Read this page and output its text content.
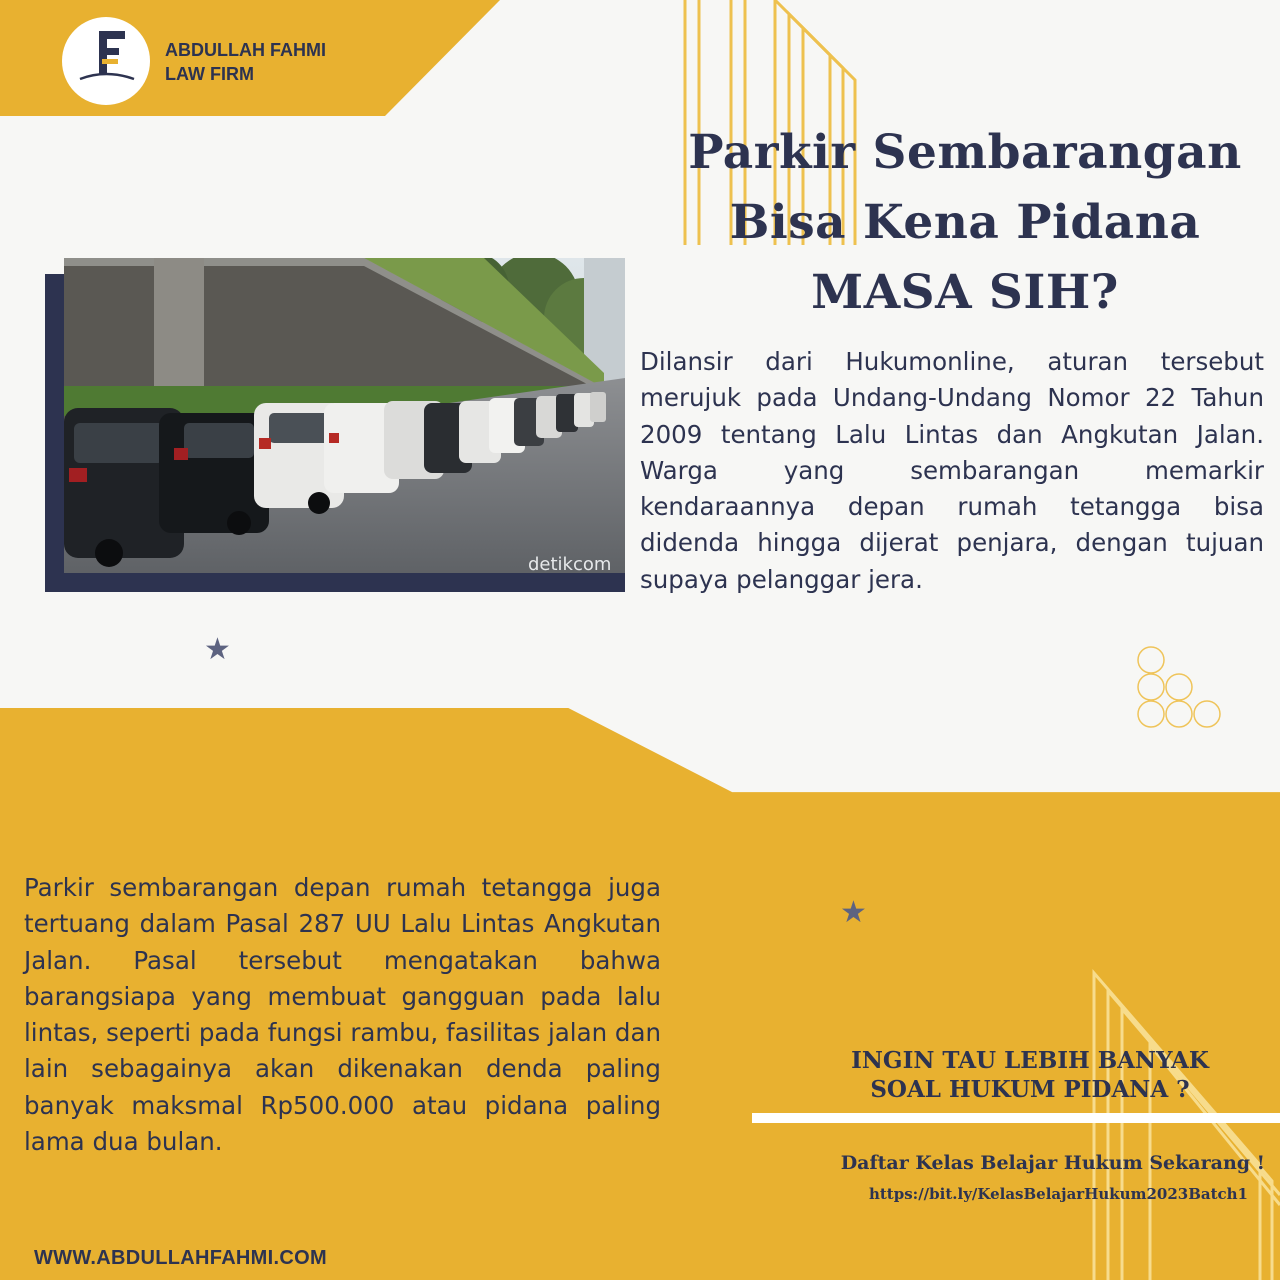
ABDULLAH FAHMI
LAW FIRM
Parkir Sembarangan
Bisa Kena Pidana
MASA SIH?
detikcom
Dilansir dari Hukumonline, aturan tersebut merujuk pada Undang-Undang Nomor 22 Tahun 2009 tentang Lalu Lintas dan Angkutan Jalan. Warga yang sembarangan memarkir kendaraannya depan rumah tetangga bisa didenda hingga dijerat penjara, dengan tujuan supaya pelanggar jera.
★
Parkir sembarangan depan rumah tetangga juga tertuang dalam Pasal 287 UU Lalu Lintas Angkutan Jalan. Pasal tersebut mengatakan bahwa barangsiapa yang membuat gangguan pada lalu lintas, seperti pada fungsi rambu, fasilitas jalan dan lain sebagainya akan dikenakan denda paling banyak maksmal Rp500.000 atau pidana paling lama dua bulan.
★
INGIN TAU LEBIH BANYAK
SOAL HUKUM PIDANA ?
Daftar Kelas Belajar Hukum Sekarang !
https://bit.ly/KelasBelajarHukum2023Batch1
WWW.ABDULLAHFAHMI.COM
